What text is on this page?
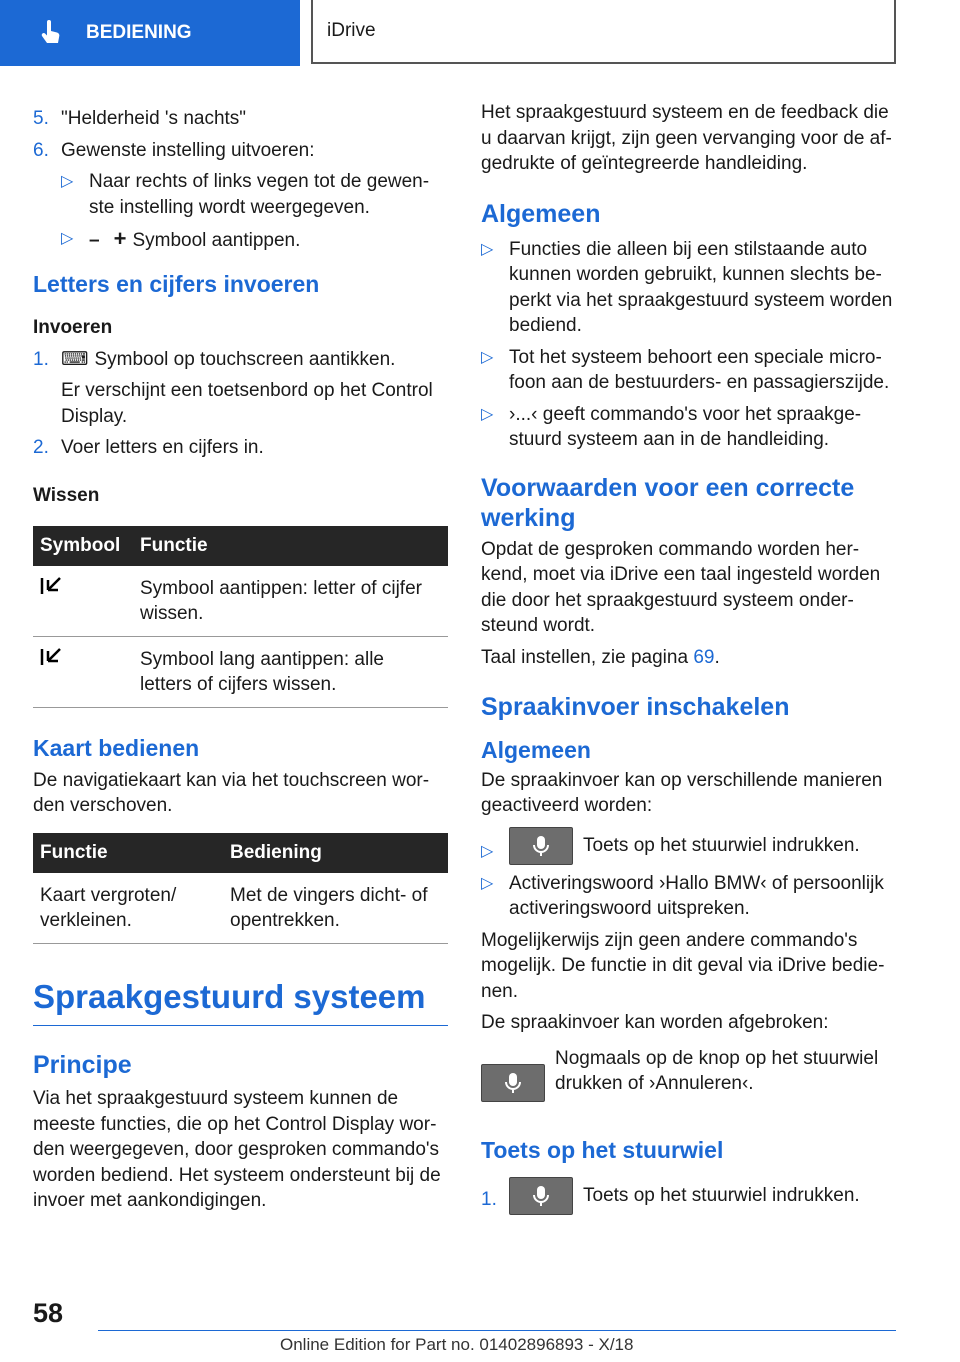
BEDIENING	iDrive

5. "Helderheid 's nachts"

6. Gewenste instelling uitvoeren:

▷ Naar rechts of links vegen tot de gewen-ste instelling wordt weergegeven.

▷ – + Symbool aantippen.

Letters en cijfers invoeren

Invoeren

1. ⌨ Symbool op touchscreen aantikken.

Er verschijnt een toetsenbord op het Control Display.

2. Voer letters en cijfers in.

Wissen

Symbool	Functie
	Symbool aantippen: letter of cijfer wissen.
	Symbool lang aantippen: alle letters of cijfers wissen.

Kaart bedienen

De navigatiekaart kan via het touchscreen wor-den verschoven.

Functie	Bediening
Kaart vergroten/ verkleinen.	Met de vingers dicht- of opentrekken.

Spraakgestuurd systeem

Principe

Via het spraakgestuurd systeem kunnen de meeste functies, die op het Control Display wor-den weergegeven, door gesproken commando's worden bediend. Het systeem ondersteunt bij de invoer met aankondigingen.

Het spraakgestuurd systeem en de feedback die u daarvan krijgt, zijn geen vervanging voor de af-gedrukte of geïntegreerde handleiding.

Algemeen

▷ Functies die alleen bij een stilstaande auto kunnen worden gebruikt, kunnen slechts be-perkt via het spraakgestuurd systeem worden bediend.

▷ Tot het systeem behoort een speciale micro-foon aan de bestuurders- en passagierszijde.

▷ ›...‹ geeft commando's voor het spraakge-stuurd systeem aan in de handleiding.

Voorwaarden voor een correcte werking

Opdat de gesproken commando worden her-kend, moet via iDrive een taal ingesteld worden die door het spraakgestuurd systeem onder-steund wordt.

Taal instellen, zie pagina 69.

Spraakinvoer inschakelen

Algemeen

De spraakinvoer kan op verschillende manieren geactiveerd worden:

▷	Toets op het stuurwiel indrukken.

▷ Activeringswoord ›Hallo BMW‹ of persoonlijk activeringswoord uitspreken.

Mogelijkerwijs zijn geen andere commando's mogelijk. De functie in dit geval via iDrive bedie-nen.

De spraakinvoer kan worden afgebroken:

Nogmaals op de knop op het stuurwiel drukken of ›Annuleren‹.

Toets op het stuurwiel

1.	Toets op het stuurwiel indrukken.

58
Online Edition for Part no. 01402896893 - X/18
